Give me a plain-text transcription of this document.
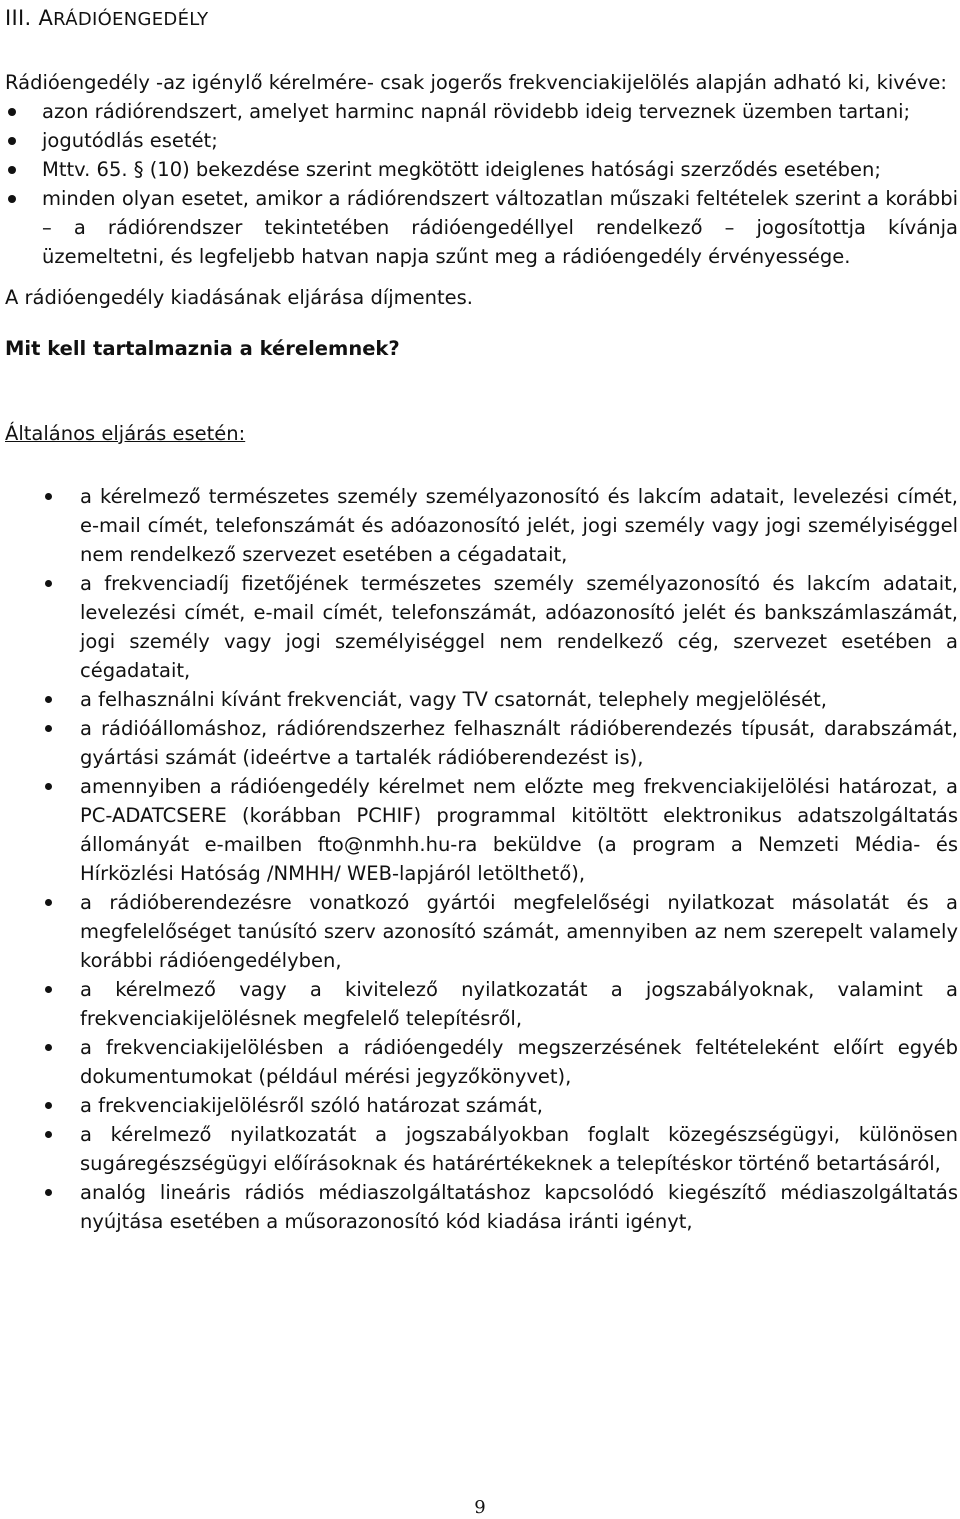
III. ARÁDIÓENGEDÉLY
Rádióengedély -az igénylő kérelmére- csak jogerős frekvenciakijelölés alapján adható ki, kivéve:
azon rádiórendszert, amelyet harminc napnál rövidebb ideig terveznek üzemben tartani;
jogutódlás esetét;
Mttv. 65. § (10) bekezdése szerint megkötött ideiglenes hatósági szerződés esetében;
minden olyan esetet, amikor a rádiórendszert változatlan műszaki feltételek szerint a korábbi – a rádiórendszer tekintetében rádióengedéllyel rendelkező – jogosítottja kívánja üzemeltetni, és legfeljebb hatvan napja szűnt meg a rádióengedély érvényessége.
A rádióengedély kiadásának eljárása díjmentes.
Mit kell tartalmaznia a kérelemnek?
Általános eljárás esetén:
a kérelmező természetes személy személyazonosító és lakcím adatait, levelezési címét, e-mail címét, telefonszámát és adóazonosító jelét, jogi személy vagy jogi személyiséggel nem rendelkező szervezet esetében a cégadatait,
a frekvenciadíj fizetőjének természetes személy személyazonosító és lakcím adatait, levelezési címét, e-mail címét, telefonszámát, adóazonosító jelét és bankszámlaszámát, jogi személy vagy jogi személyiséggel nem rendelkező cég, szervezet esetében a cégadatait,
a felhasználni kívánt frekvenciát, vagy TV csatornát, telephely megjelölését,
a rádióállomáshoz, rádiórendszerhez felhasznált rádióberendezés típusát, darabszámát, gyártási számát (ideértve a tartalék rádióberendezést is),
amennyiben a rádióengedély kérelmet nem előzte meg frekvenciakijelölési határozat, a PC-ADATCSERE (korábban PCHIF) programmal kitöltött elektronikus adatszolgáltatás állományát e-mailben fto@nmhh.hu-ra beküldve (a program a Nemzeti Média- és Hírközlési Hatóság /NMHH/ WEB-lapjáról letölthető),
a rádióberendezésre vonatkozó gyártói megfelelőségi nyilatkozat másolatát és a megfelelőséget tanúsító szerv azonosító számát, amennyiben az nem szerepelt valamely korábbi rádióengedélyben,
a kérelmező vagy a kivitelező nyilatkozatát a jogszabályoknak, valamint a frekvenciakijelölésnek megfelelő telepítésről,
a frekvenciakijelölésben a rádióengedély megszerzésének feltételeként előírt egyéb dokumentumokat (például mérési jegyzőkönyvet),
a frekvenciakijelölésről szóló határozat számát,
a kérelmező nyilatkozatát a jogszabályokban foglalt közegészségügyi, különösen sugáregészségügyi előírásoknak és határértékeknek a telepítéskor történő betartásáról,
analóg lineáris rádiós médiaszolgáltatáshoz kapcsolódó kiegészítő médiaszolgáltatás nyújtása esetében a műsorazonosító kód kiadása iránti igényt,
9
